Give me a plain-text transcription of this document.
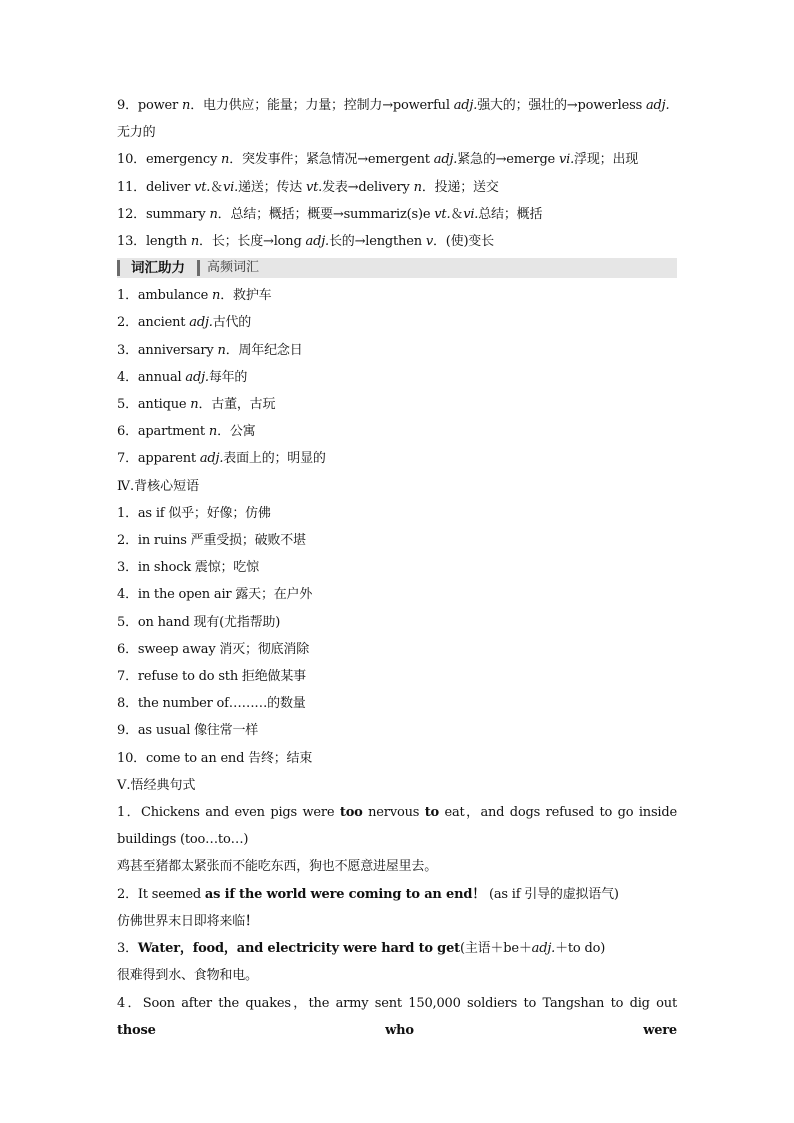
9．power n．电力供应；能量；力量；控制力→powerful adj.强大的；强壮的→powerless adj.
无力的
10．emergency n．突发事件；紧急情况→emergent adj.紧急的→emerge vi.浮现；出现
11．deliver vt.＆vi.递送；传达 vt.发表→delivery n．投递；送交
12．summary n．总结；概括；概要→summariz(s)e vt.＆vi.总结；概括
13．length n．长；长度→long adj.长的→lengthen v．(使)变长
词汇助力 高频词汇
1．ambulance n．救护车
2．ancient adj.古代的
3．anniversary n．周年纪念日
4．annual adj.每年的
5．antique n．古董，古玩
6．apartment n．公寓
7．apparent adj.表面上的；明显的
Ⅳ.背核心短语
1．as if 似乎；好像；仿佛
2．in ruins 严重受损；破败不堪
3．in shock 震惊；吃惊
4．in the open air 露天；在户外
5．on hand 现有(尤指帮助)
6．sweep away 消灭；彻底消除
7．refuse to do sth 拒绝做某事
8．the number of………的数量
9．as usual 像往常一样
10．come to an end 告终；结束
Ⅴ.悟经典句式
1．Chickens and even pigs were too nervous to eat，and dogs refused to go inside
buildings (too…to…)
鸡甚至猪都太紧张而不能吃东西，狗也不愿意进屋里去。
2．It seemed as if the world were coming to an end！ (as if 引导的虚拟语气)
仿佛世界末日即将来临！
3．Water，food，and electricity were hard to get(主语＋be＋adj.＋to do)
很难得到水、食物和电。
4．Soon after the quakes，the army sent 150,000 soldiers to Tangshan to dig out those who were
